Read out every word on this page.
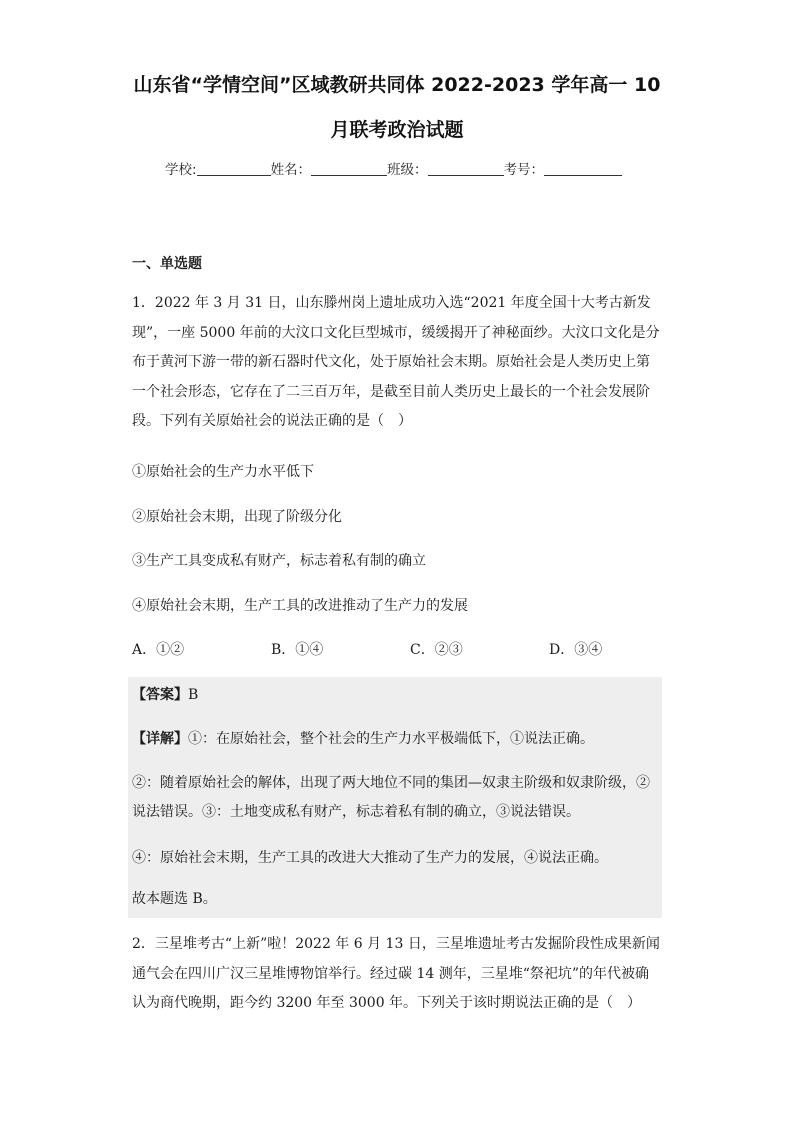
山东省“学情空间”区域教研共同体 2022-2023 学年高一 10
月联考政治试题
学校:	姓名：	班级：	考号：
一、单选题
1．2022 年 3 月 31 日，山东滕州岗上遗址成功入选“2021 年度全国十大考古新发现”，一座 5000 年前的大汶口文化巨型城市，缓缓揭开了神秘面纱。大汶口文化是分布于黄河下游一带的新石器时代文化，处于原始社会末期。原始社会是人类历史上第一个社会形态，它存在了二三百万年，是截至目前人类历史上最长的一个社会发展阶段。下列有关原始社会的说法正确的是（　）
①原始社会的生产力水平低下
②原始社会末期，出现了阶级分化
③生产工具变成私有财产，标志着私有制的确立
④原始社会末期，生产工具的改进推动了生产力的发展
A．①②	B．①④	C．②③	D．③④
【答案】B
【详解】①：在原始社会，整个社会的生产力水平极端低下，①说法正确。
②：随着原始社会的解体，出现了两大地位不同的集团—奴隶主阶级和奴隶阶级，②说法错误。③：土地变成私有财产，标志着私有制的确立，③说法错误。
④：原始社会末期，生产工具的改进大大推动了生产力的发展，④说法正确。
故本题选 B。
2．三星堆考古“上新”啦！2022 年 6 月 13 日，三星堆遗址考古发掘阶段性成果新闻通气会在四川广汉三星堆博物馆举行。经过碳 14 测年，三星堆“祭祀坑”的年代被确认为商代晚期，距今约 3200 年至 3000 年。下列关于该时期说法正确的是（　）
